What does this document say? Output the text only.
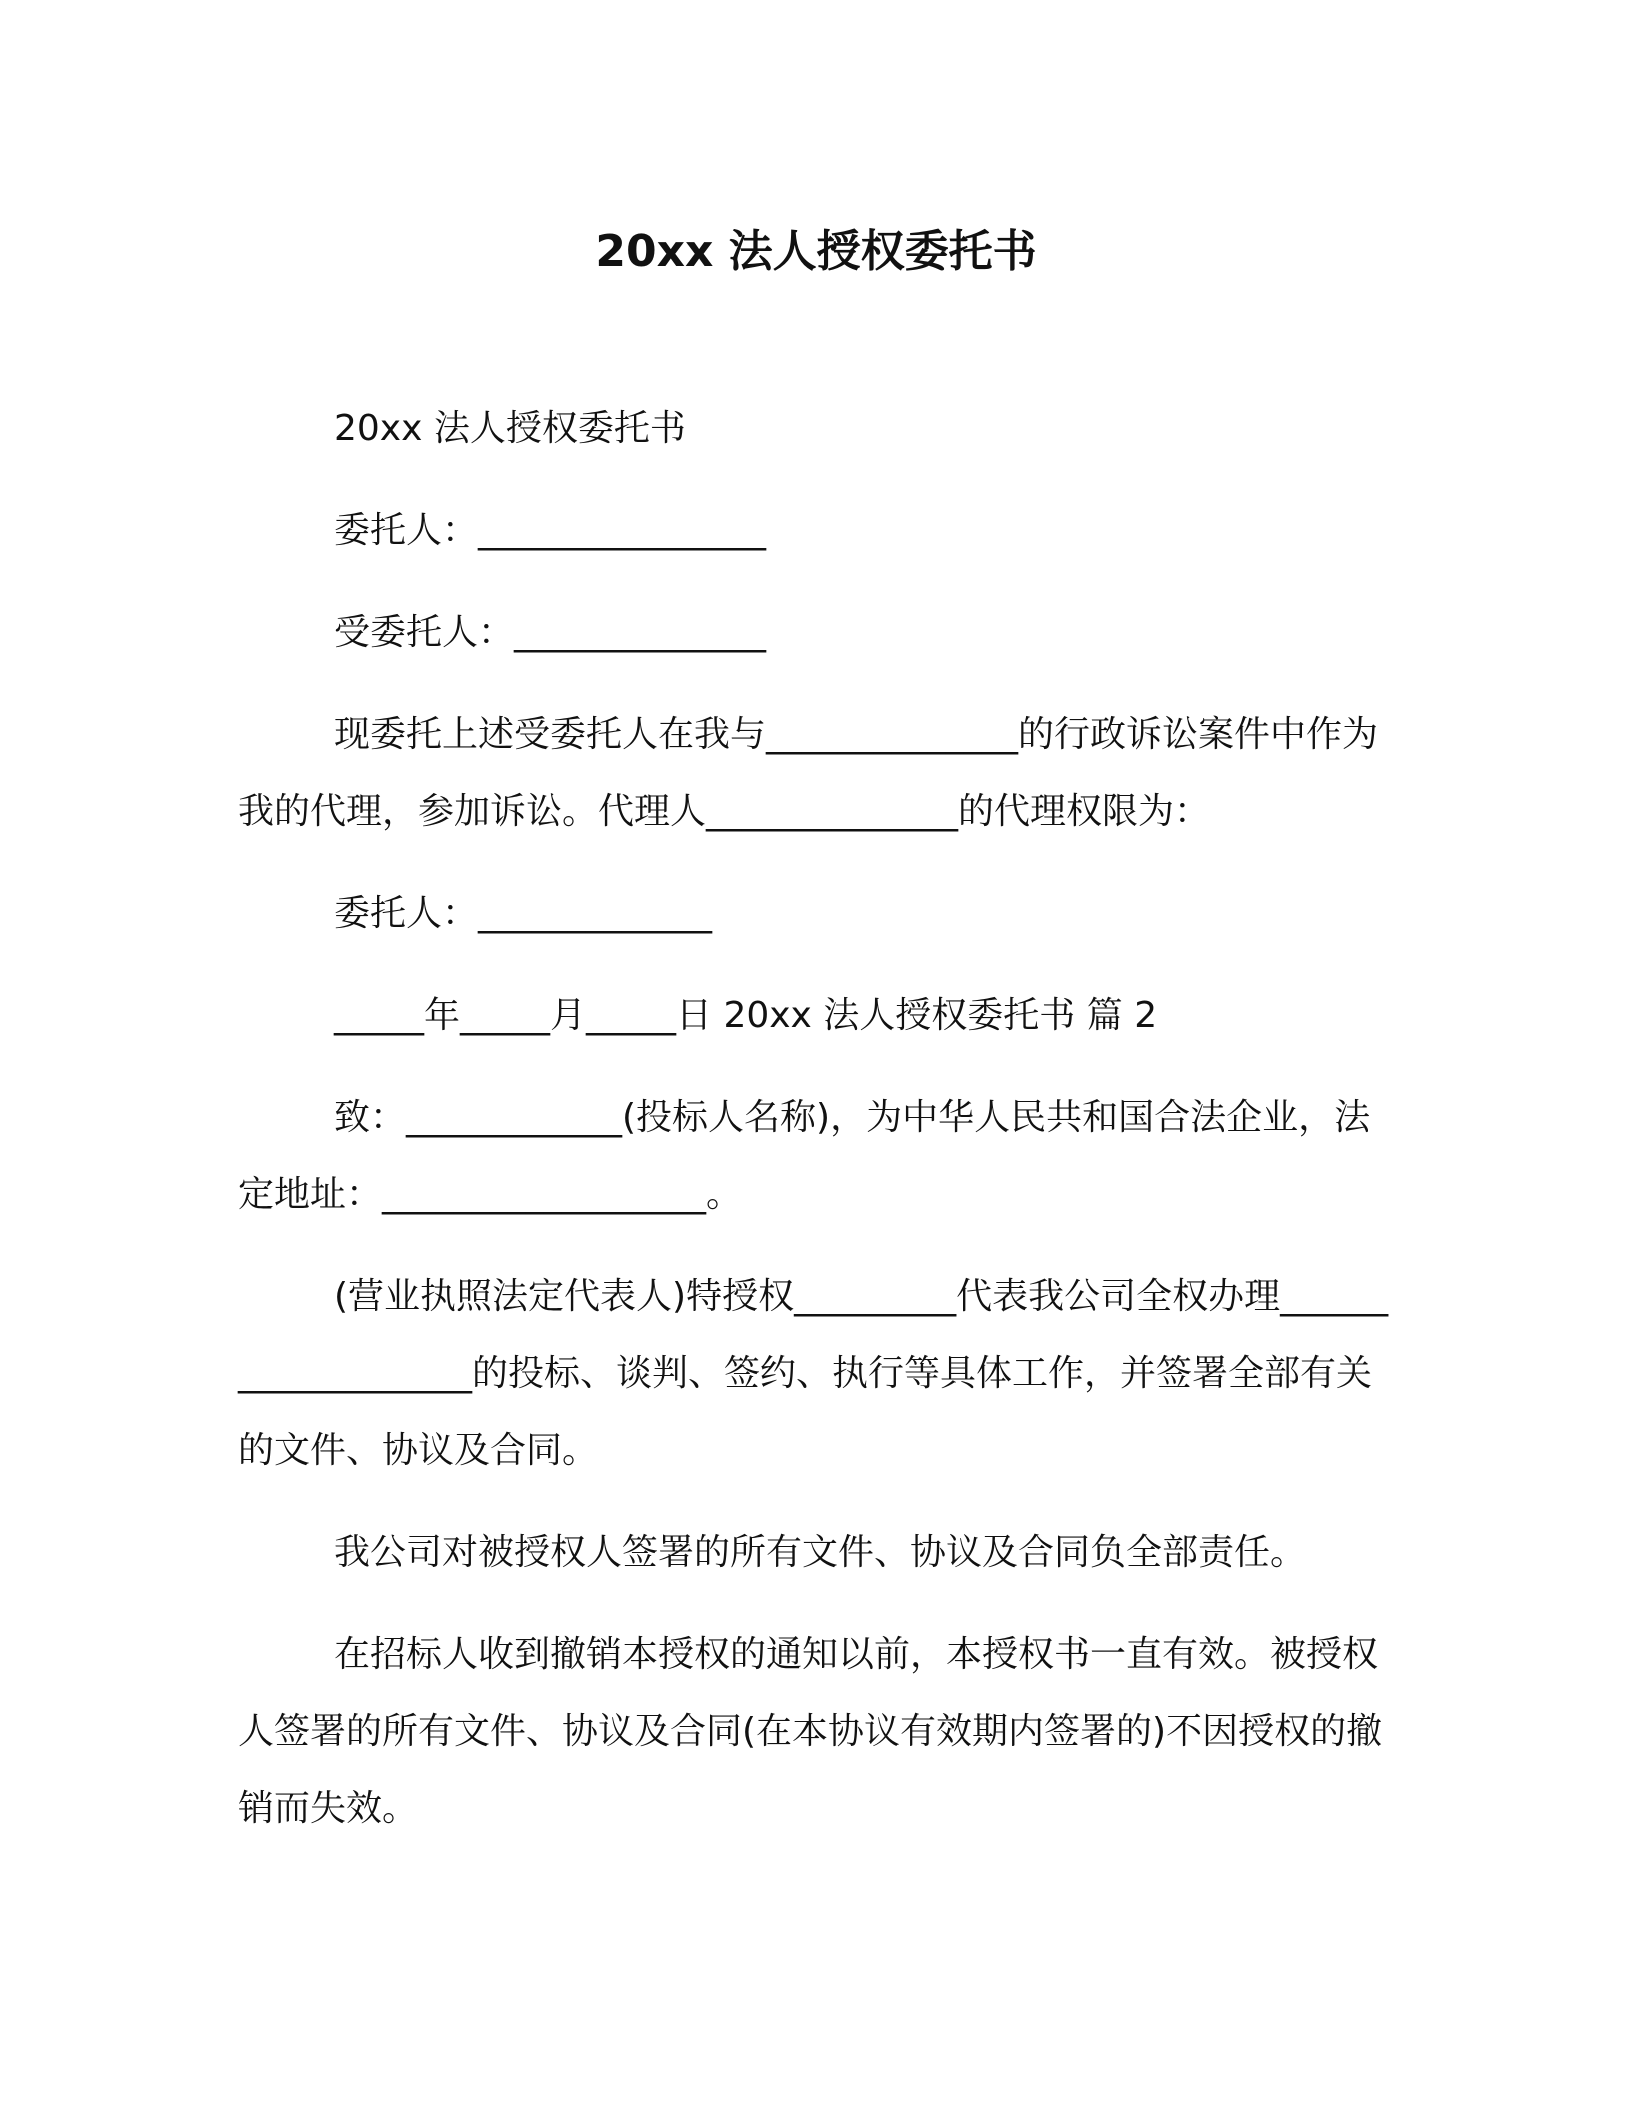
20xx 法人授权委托书

20xx 法人授权委托书

委托人：________________

受委托人：______________

现委托上述受委托人在我与______________的行政诉讼案件中作为我的代理，参加诉讼。代理人______________的代理权限为：

委托人：_____________

_____年_____月_____日 20xx 法人授权委托书 篇 2

致：____________(投标人名称)，为中华人民共和国合法企业，法定地址：__________________。

(营业执照法定代表人)特授权_________代表我公司全权办理___________________的投标、谈判、签约、执行等具体工作，并签署全部有关的文件、协议及合同。

我公司对被授权人签署的所有文件、协议及合同负全部责任。

在招标人收到撤销本授权的通知以前，本授权书一直有效。被授权人签署的所有文件、协议及合同(在本协议有效期内签署的)不因授权的撤销而失效。
